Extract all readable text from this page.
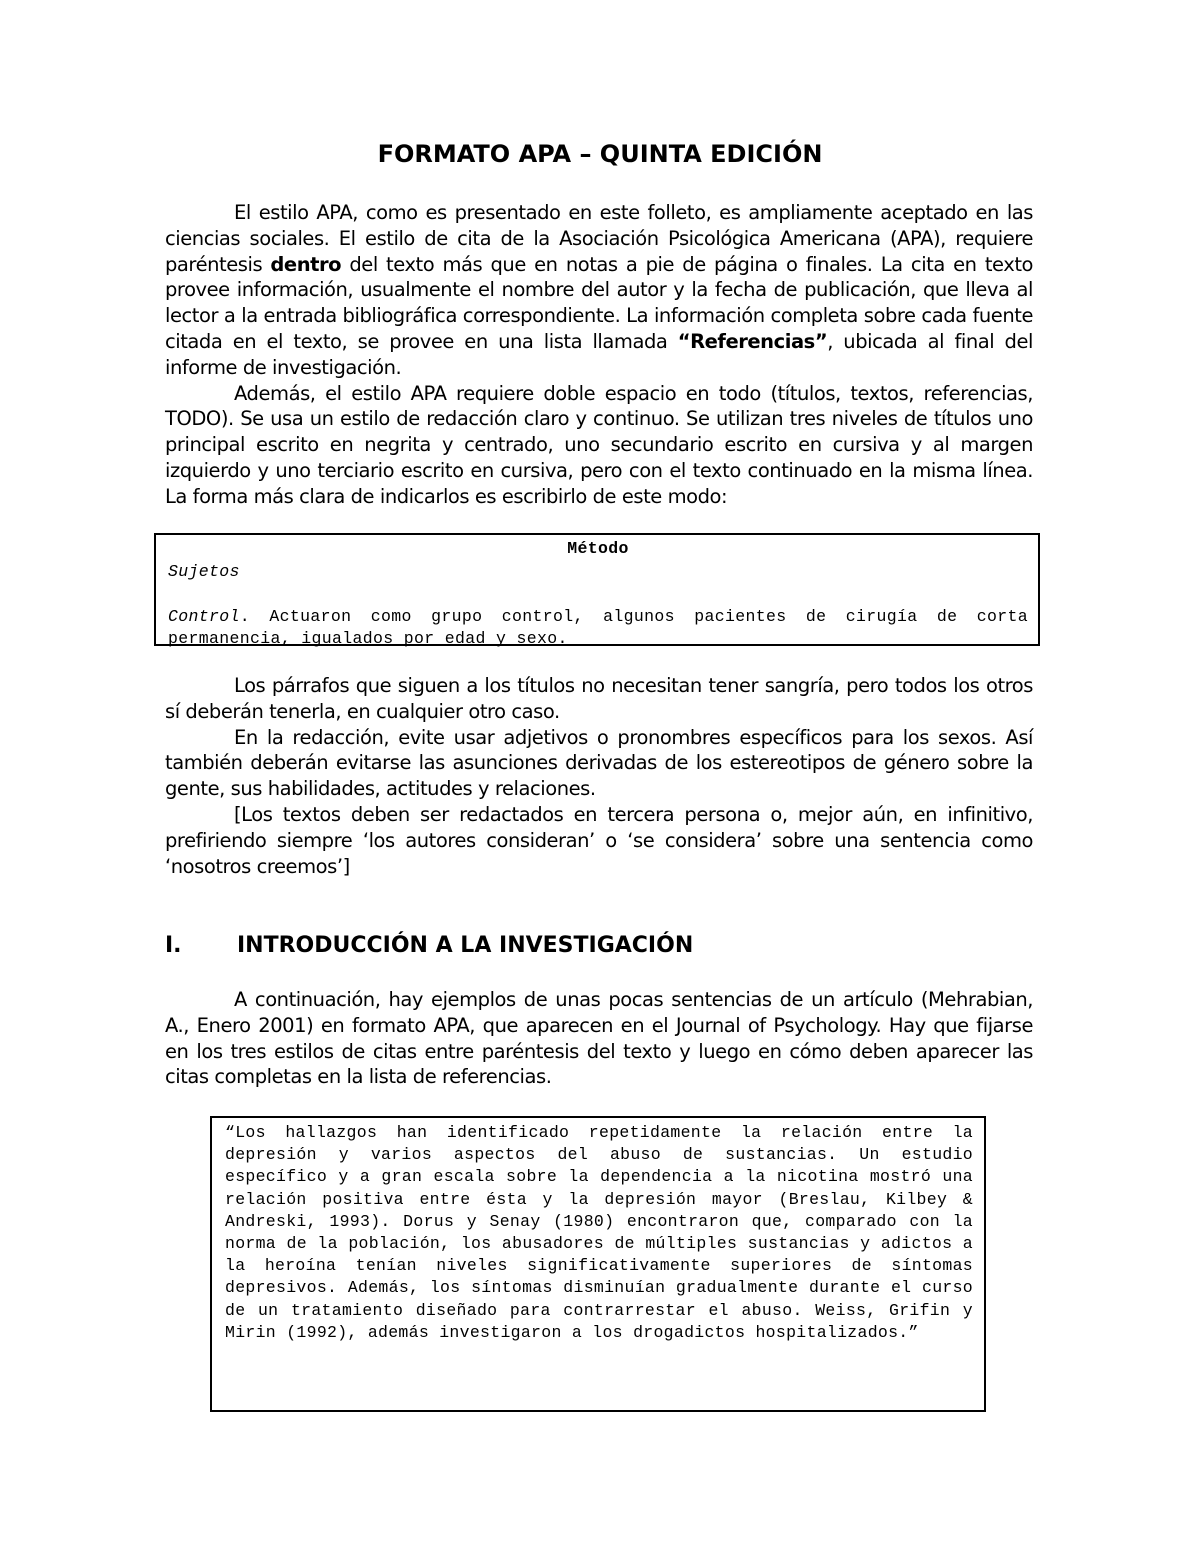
FORMATO APA – QUINTA EDICIÓN

El estilo APA, como es presentado en este folleto, es ampliamente aceptado en las ciencias sociales. El estilo de cita de la Asociación Psicológica Americana (APA), requiere paréntesis dentro del texto más que en notas a pie de página o finales. La cita en texto provee información, usualmente el nombre del autor y la fecha de publicación, que lleva al lector a la entrada bibliográfica correspondiente. La información completa sobre cada fuente citada en el texto, se provee en una lista llamada “Referencias”, ubicada al final del informe de investigación.

Además, el estilo APA requiere doble espacio en todo (títulos, textos, referencias, TODO). Se usa un estilo de redacción claro y continuo. Se utilizan tres niveles de títulos uno principal escrito en negrita y centrado, uno secundario escrito en cursiva y al margen izquierdo y uno terciario escrito en cursiva, pero con el texto continuado en la misma línea. La forma más clara de indicarlos es escribirlo de este modo:

Método

Sujetos

Control. Actuaron como grupo control, algunos pacientes de cirugía de corta permanencia, igualados por edad y sexo.

Los párrafos que siguen a los títulos no necesitan tener sangría, pero todos los otros sí deberán tenerla, en cualquier otro caso.

En la redacción, evite usar adjetivos o pronombres específicos para los sexos. Así también deberán evitarse las asunciones derivadas de los estereotipos de género sobre la gente, sus habilidades, actitudes y relaciones.

[Los textos deben ser redactados en tercera persona o, mejor aún, en infinitivo, prefiriendo siempre ‘los autores consideran’ o ‘se considera’ sobre una sentencia como ‘nosotros creemos’]

I.	INTRODUCCIÓN A LA INVESTIGACIÓN

A continuación, hay ejemplos de unas pocas sentencias de un artículo (Mehrabian, A., Enero 2001) en formato APA, que aparecen en el Journal of Psychology. Hay que fijarse en los tres estilos de citas entre paréntesis del texto y luego en cómo deben aparecer las citas completas en la lista de referencias.

“Los hallazgos han identificado repetidamente la relación entre la depresión y varios aspectos del abuso de sustancias. Un estudio específico y a gran escala sobre la dependencia a la nicotina mostró una relación positiva entre ésta y la depresión mayor (Breslau, Kilbey & Andreski, 1993). Dorus y Senay (1980) encontraron que, comparado con la norma de la población, los abusadores de múltiples sustancias y adictos a la heroína tenían niveles significativamente superiores de síntomas depresivos. Además, los síntomas disminuían gradualmente durante el curso de un tratamiento diseñado para contrarrestar el abuso. Weiss, Grifin y Mirin (1992), además investigaron a los drogadictos hospitalizados.”
